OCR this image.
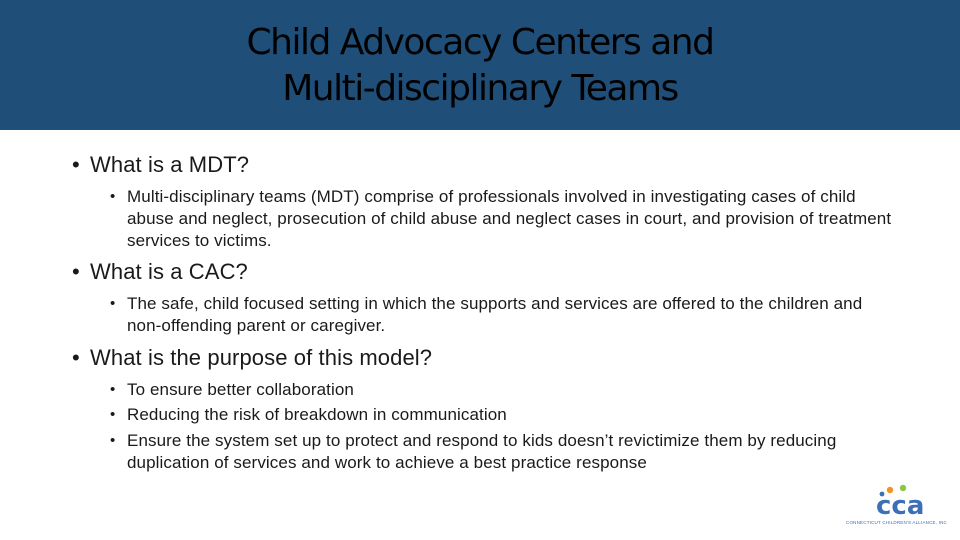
Child Advocacy Centers and
Multi-disciplinary Teams
• What is a MDT?
• Multi-disciplinary teams (MDT) comprise of professionals involved in investigating cases of child abuse and neglect, prosecution of child abuse and neglect cases in court, and provision of treatment services to victims.
• What is a CAC?
• The safe, child focused setting in which the supports and services are offered to the children and non-offending parent or caregiver.
• What is the purpose of this model?
• To ensure better collaboration
• Reducing the risk of breakdown in communication
• Ensure the system set up to protect and respond to kids doesn’t revictimize them by reducing duplication of services and work to achieve a best practice response
cca
CONNECTICUT CHILDREN'S ALLIANCE, INC
